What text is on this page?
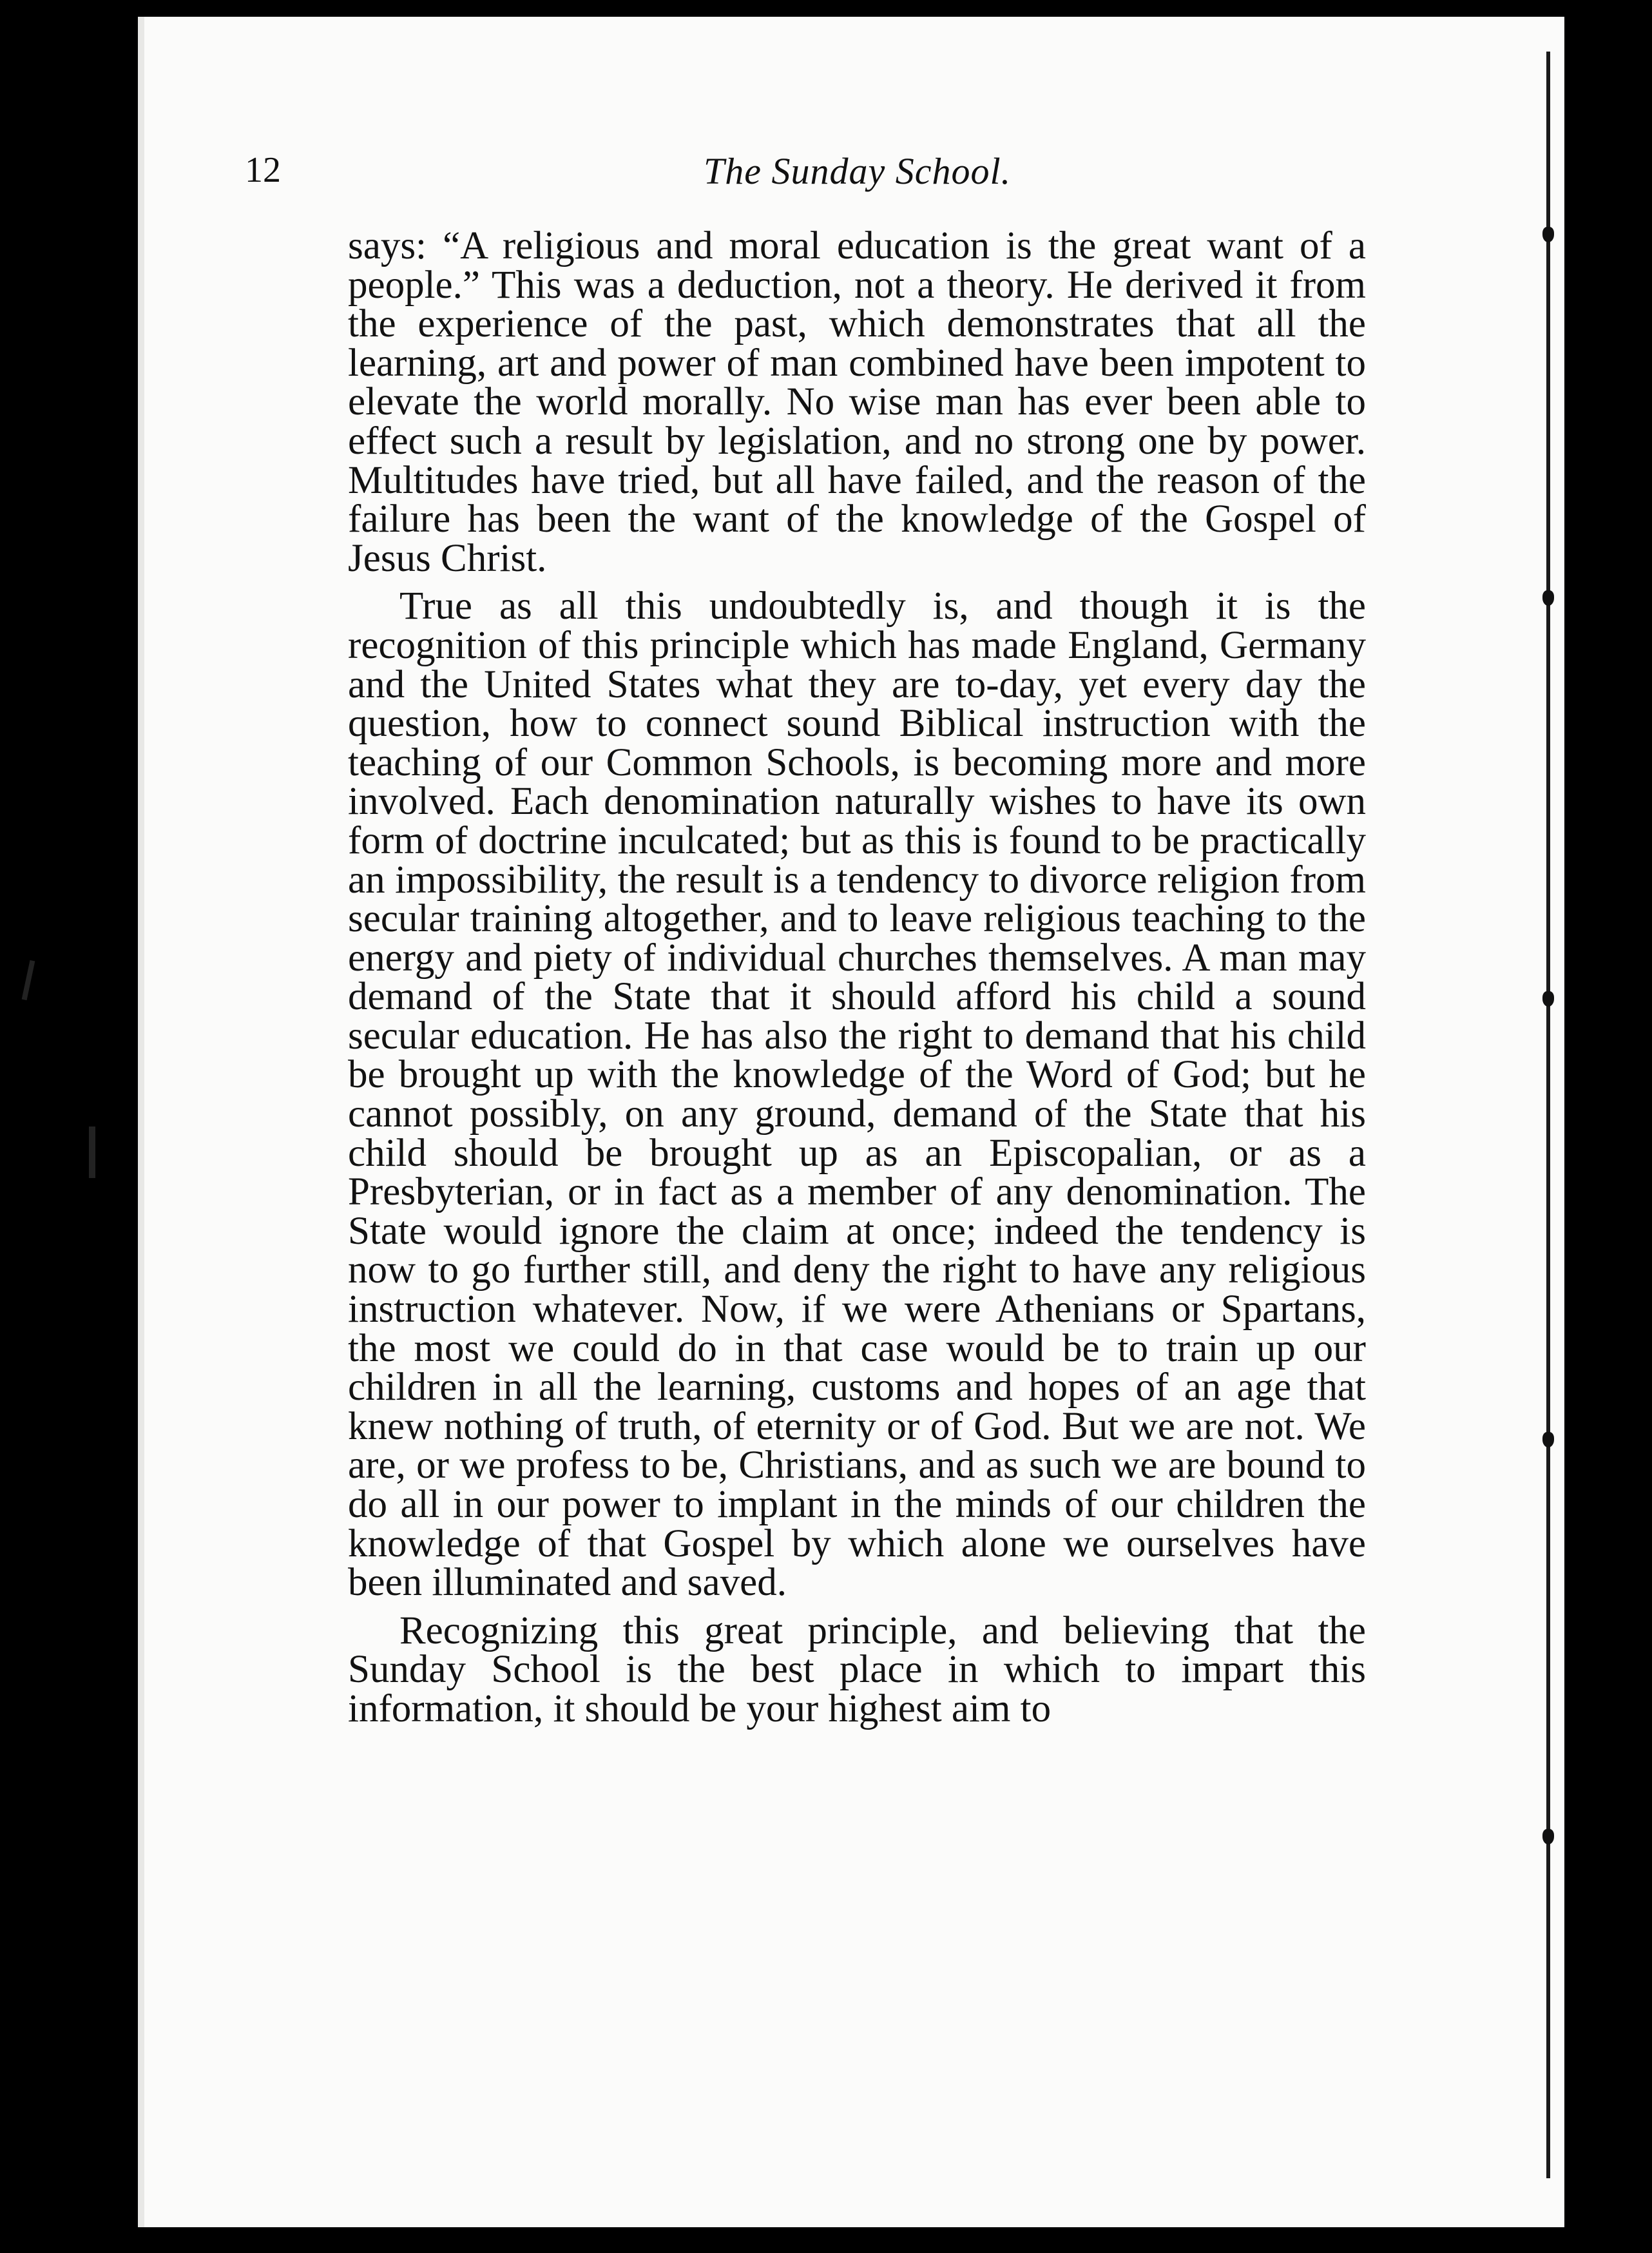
12	The Sunday School.

says: “A religious and moral education is the great want of a people.” This was a deduction, not a theory. He derived it from the experience of the past, which demonstrates that all the learning, art and power of man combined have been impotent to elevate the world morally. No wise man has ever been able to effect such a result by legislation, and no strong one by power. Multitudes have tried, but all have failed, and the reason of the failure has been the want of the knowledge of the Gospel of Jesus Christ.

True as all this undoubtedly is, and though it is the recognition of this principle which has made England, Germany and the United States what they are to-day, yet every day the question, how to connect sound Biblical instruction with the teaching of our Common Schools, is becoming more and more involved. Each denomination naturally wishes to have its own form of doctrine inculcated; but as this is found to be practically an impossibility, the result is a tendency to divorce religion from secular training altogether, and to leave religious teaching to the energy and piety of individual churches themselves. A man may demand of the State that it should afford his child a sound secular education. He has also the right to demand that his child be brought up with the knowledge of the Word of God; but he cannot possibly, on any ground, demand of the State that his child should be brought up as an Episcopalian, or as a Presbyterian, or in fact as a member of any denomination. The State would ignore the claim at once; indeed the tendency is now to go further still, and deny the right to have any religious instruction whatever. Now, if we were Athenians or Spartans, the most we could do in that case would be to train up our children in all the learning, customs and hopes of an age that knew nothing of truth, of eternity or of God. But we are not. We are, or we profess to be, Christians, and as such we are bound to do all in our power to implant in the minds of our children the knowledge of that Gospel by which alone we ourselves have been illuminated and saved.

Recognizing this great principle, and believing that the Sunday School is the best place in which to impart this information, it should be your highest aim to
